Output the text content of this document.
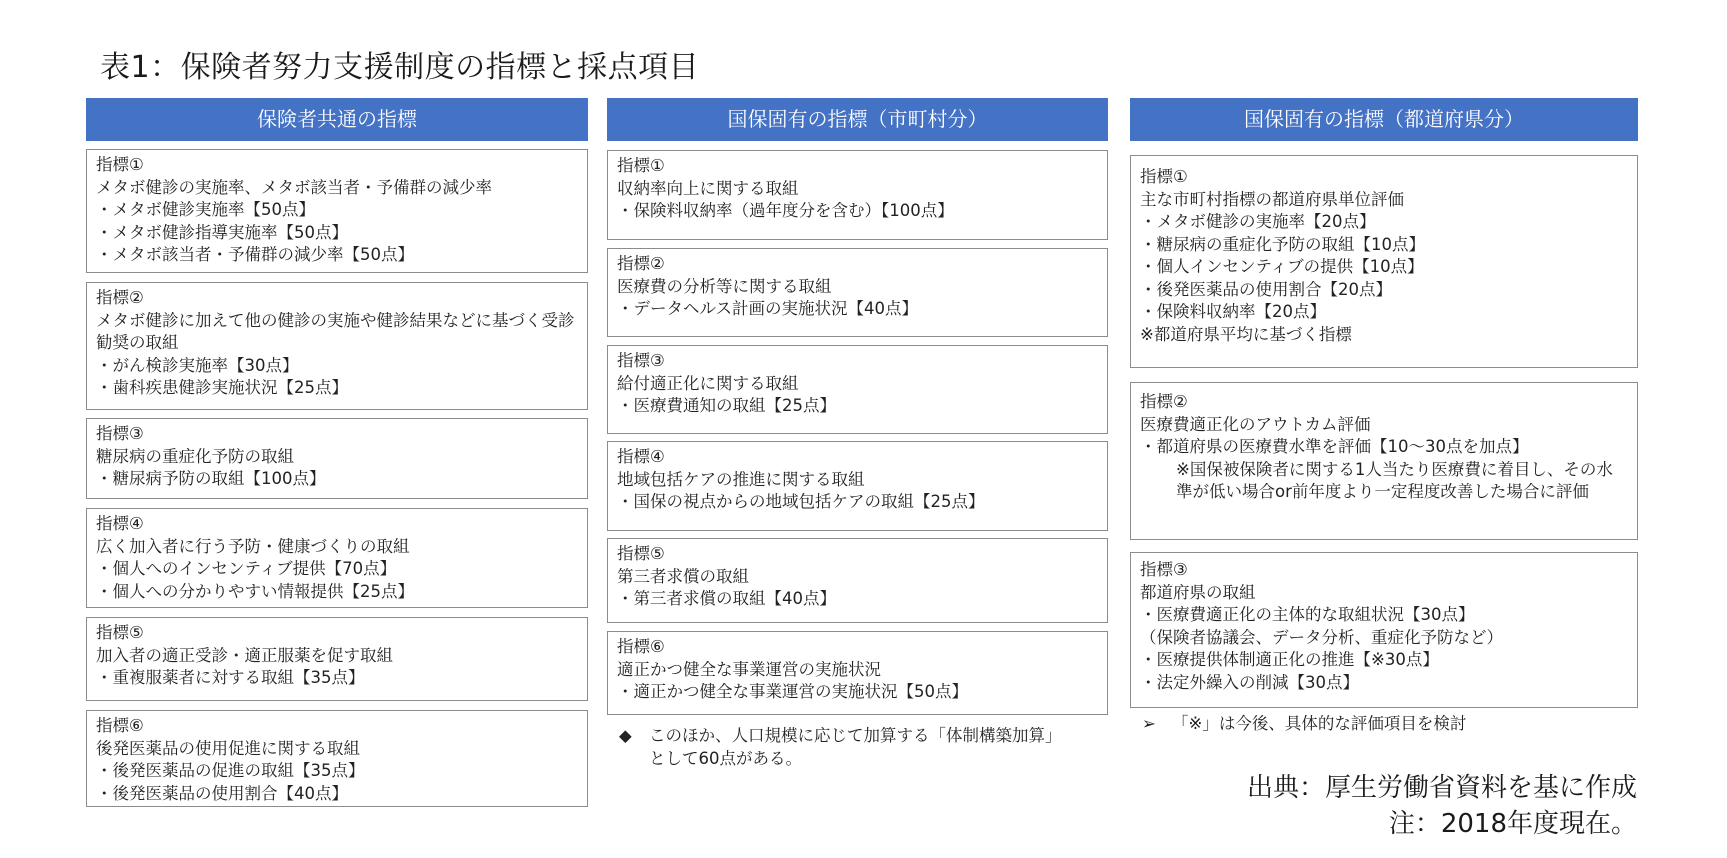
表1：保険者努力支援制度の指標と採点項目
保険者共通の指標
指標①
メタボ健診の実施率、メタボ該当者・予備群の減少率
・メタボ健診実施率【50点】
・メタボ健診指導実施率【50点】
・メタボ該当者・予備群の減少率【50点】
指標②
メタボ健診に加えて他の健診の実施や健診結果などに基づく受診勧奨の取組
・がん検診実施率【30点】
・歯科疾患健診実施状況【25点】
指標③
糖尿病の重症化予防の取組
・糖尿病予防の取組【100点】
指標④
広く加入者に行う予防・健康づくりの取組
・個人へのインセンティブ提供【70点】
・個人への分かりやすい情報提供【25点】
指標⑤
加入者の適正受診・適正服薬を促す取組
・重複服薬者に対する取組【35点】
指標⑥
後発医薬品の使用促進に関する取組
・後発医薬品の促進の取組【35点】
・後発医薬品の使用割合【40点】
国保固有の指標（市町村分）
指標①
収納率向上に関する取組
・保険料収納率（過年度分を含む）【100点】
指標②
医療費の分析等に関する取組
・データヘルス計画の実施状況【40点】
指標③
給付適正化に関する取組
・医療費通知の取組【25点】
指標④
地域包括ケアの推進に関する取組
・国保の視点からの地域包括ケアの取組【25点】
指標⑤
第三者求償の取組
・第三者求償の取組【40点】
指標⑥
適正かつ健全な事業運営の実施状況
・適正かつ健全な事業運営の実施状況【50点】
◆	このほか、人口規模に応じて加算する「体制構築加算」として60点がある。
国保固有の指標（都道府県分）
指標①
主な市町村指標の都道府県単位評価
・メタボ健診の実施率【20点】
・糖尿病の重症化予防の取組【10点】
・個人インセンティブの提供【10点】
・後発医薬品の使用割合【20点】
・保険料収納率【20点】
※都道府県平均に基づく指標
指標②
医療費適正化のアウトカム評価
・都道府県の医療費水準を評価【10～30点を加点】
※国保被保険者に関する1人当たり医療費に着目し、その水準が低い場合or前年度より一定程度改善した場合に評価
指標③
都道府県の取組
・医療費適正化の主体的な取組状況【30点】
（保険者協議会、データ分析、重症化予防など）
・医療提供体制適正化の推進【※30点】
・法定外繰入の削減【30点】
➢ 「※」は今後、具体的な評価項目を検討
出典：厚生労働省資料を基に作成
注：2018年度現在。
